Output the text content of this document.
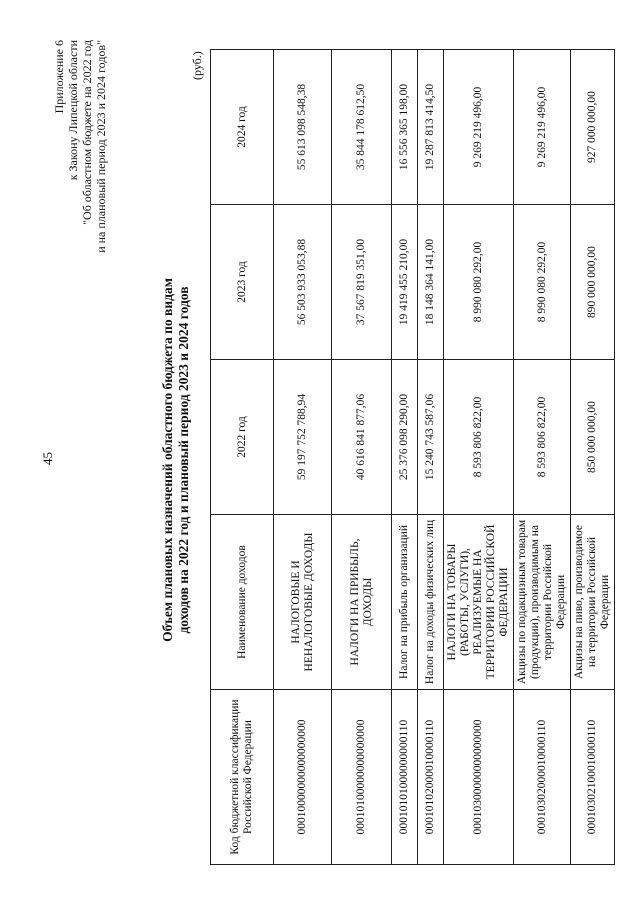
45
Приложение 6 к Закону Липецкой области "Об областном бюджете на 2022 год и на плановый период 2023 и 2024 годов"
Объем плановых назначений областного бюджета по видам доходов на 2022 год и плановый период 2023 и 2024 годов
(руб.)
Код бюджетной классификации Российской Федерации	Наименование доходов	2022 год	2023 год	2024 год
00010000000000000000	НАЛОГОВЫЕ И НЕНАЛОГОВЫЕ ДОХОДЫ	59 197 752 788,94	56 503 933 053,88	55 613 098 548,38
00010100000000000000	НАЛОГИ НА ПРИБЫЛЬ, ДОХОДЫ	40 616 841 877,06	37 567 819 351,00	35 844 178 612,50
00010101000000000110	Налог на прибыль организаций	25 376 098 290,00	19 419 455 210,00	16 556 365 198,00
00010102000010000110	Налог на доходы физических лиц	15 240 743 587,06	18 148 364 141,00	19 287 813 414,50
00010300000000000000	НАЛОГИ НА ТОВАРЫ (РАБОТЫ, УСЛУГИ), РЕАЛИЗУЕМЫЕ НА ТЕРРИТОРИИ РОССИЙСКОЙ ФЕДЕРАЦИИ	8 593 806 822,00	8 990 080 292,00	9 269 219 496,00
00010302000010000110	Акцизы по подакцизным товарам (продукции), производимым на территории Российской Федерации	8 593 806 822,00	8 990 080 292,00	9 269 219 496,00
00010302100010000110	Акцизы на пиво, производимое на территории Российской Федерации	850 000 000,00	890 000 000,00	927 000 000,00
